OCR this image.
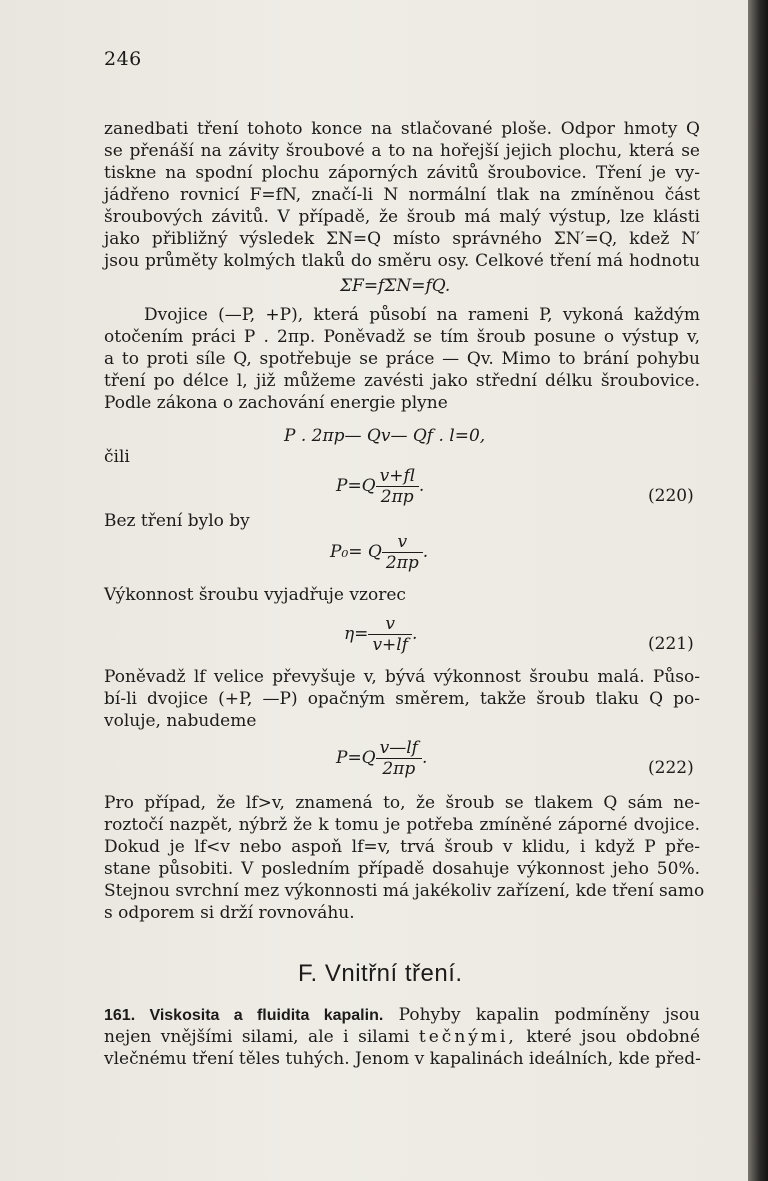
246
zanedbati tření tohoto konce na stlačované ploše. Odpor hmoty Q
se přenáší na závity šroubové a to na hořejší jejich plochu, která se
tiskne na spodní plochu záporných závitů šroubovice. Tření je vy-
jádřeno rovnicí F=fN, značí-li N normální tlak na zmíněnou část
šroubových závitů. V případě, že šroub má malý výstup, lze klásti
jako přibližný výsledek ΣN=Q místo správného ΣN′=Q, kdež N′
jsou průměty kolmých tlaků do směru osy. Celkové tření má hodnotu
ΣF=fΣN=fQ.
Dvojice (—P, +P), která působí na rameni P, vykoná každým
otočením práci P . 2πp. Poněvadž se tím šroub posune o výstup v,
a to proti síle Q, spotřebuje se práce — Qv. Mimo to brání pohybu
tření po délce l, již můžeme zavésti jako střední délku šroubovice.
Podle zákona o zachování energie plyne
P . 2πp— Qv— Qf . l=0,
čili
$P=Q \frac{v+fl}{2\pi p}$ .	(220)
Bez tření bylo by
P₀= Q $\frac{v}{2\pi p}$ .
Výkonnost šroubu vyjadřuje vzorec
$\eta= \frac{v}{v+lf}$ .	(221)
Poněvadž lf velice převyšuje v, bývá výkonnost šroubu malá. Půso-
bí-li dvojice (+P, —P) opačným směrem, takže šroub tlaku Q po-
voluje, nabudeme
$P=Q \frac{v—lf}{2\pi p}$ .	(222)
Pro případ, že lf>v, znamená to, že šroub se tlakem Q sám ne-
roztočí nazpět, nýbrž že k tomu je potřeba zmíněné záporné dvojice.
Dokud je lf<v nebo aspoň lf=v, trvá šroub v klidu, i když P pře-
stane působiti. V posledním případě dosahuje výkonnost jeho 50%.
Stejnou svrchní mez výkonnosti má jakékoliv zařízení, kde tření samo
s odporem si drží rovnováhu.
F. Vnitřní tření.
161. Viskosita a fluidita kapalin. Pohyby kapalin podmíněny jsou
nejen vnějšími silami, ale i silami tečnými, které jsou obdobné
vlečnému tření těles tuhých. Jenom v kapalinách ideálních, kde před-
